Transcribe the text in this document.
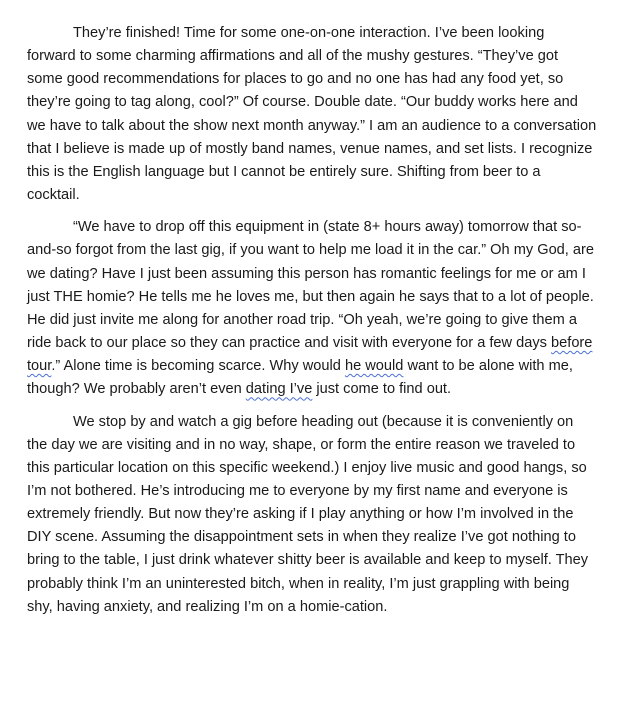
They’re finished! Time for some one-on-one interaction. I’ve been looking forward to some charming affirmations and all of the mushy gestures. “They’ve got some good recommendations for places to go and no one has had any food yet, so they’re going to tag along, cool?” Of course. Double date. “Our buddy works here and we have to talk about the show next month anyway.” I am an audience to a conversation that I believe is made up of mostly band names, venue names, and set lists. I recognize this is the English language but I cannot be entirely sure. Shifting from beer to a cocktail.

“We have to drop off this equipment in (state 8+ hours away) tomorrow that so-and-so forgot from the last gig, if you want to help me load it in the car.” Oh my God, are we dating? Have I just been assuming this person has romantic feelings for me or am I just THE homie? He tells me he loves me, but then again he says that to a lot of people. He did just invite me along for another road trip. “Oh yeah, we’re going to give them a ride back to our place so they can practice and visit with everyone for a few days before tour.” Alone time is becoming scarce. Why would he would want to be alone with me, though? We probably aren’t even dating I’ve just come to find out.

We stop by and watch a gig before heading out (because it is conveniently on the day we are visiting and in no way, shape, or form the entire reason we traveled to this particular location on this specific weekend.) I enjoy live music and good hangs, so I’m not bothered. He’s introducing me to everyone by my first name and everyone is extremely friendly. But now they’re asking if I play anything or how I’m involved in the DIY scene. Assuming the disappointment sets in when they realize I’ve got nothing to bring to the table, I just drink whatever shitty beer is available and keep to myself. They probably think I’m an uninterested bitch, when in reality, I’m just grappling with being shy, having anxiety, and realizing I’m on a homie-cation.
